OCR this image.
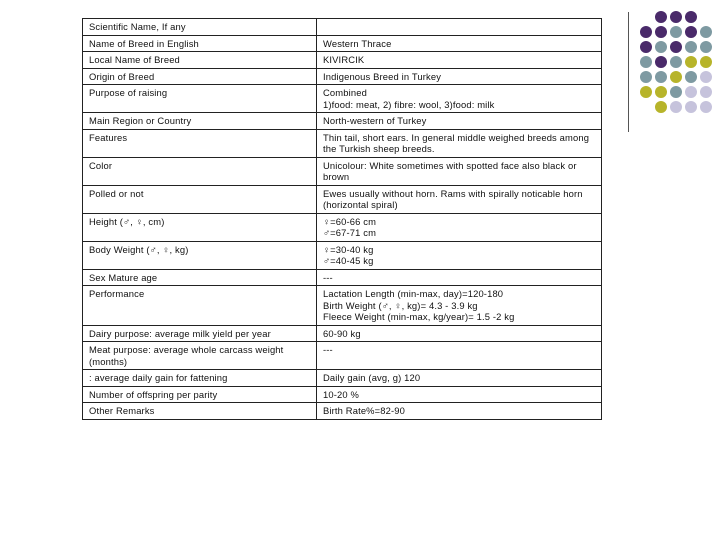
Scientific Name, If any	
Name of Breed in English	Western Thrace
Local Name of Breed	KIVIRCIK
Origin of Breed	Indigenous Breed in Turkey
Purpose of raising	Combined
1)food: meat, 2) fibre: wool, 3)food: milk
Main Region or Country	North-western of Turkey
Features	Thin tail, short ears. In general middle weighed breeds among the Turkish sheep breeds.
Color	Unicolour: White sometimes with spotted face also black or brown
Polled or not	Ewes usually without horn. Rams with spirally noticable horn (horizontal spiral)
Height (♂, ♀, cm)	♀=60-66 cm
♂=67-71 cm
Body Weight (♂, ♀, kg)	♀=30-40 kg
♂=40-45 kg
Sex Mature age	---
Performance	Lactation Length (min-max, day)=120-180
Birth Weight (♂, ♀, kg)= 4.3 - 3.9 kg
Fleece Weight (min-max, kg/year)= 1.5 -2 kg
Dairy purpose: average milk yield per year	60-90 kg
Meat purpose: average whole carcass weight (months)	---
: average daily gain for fattening	Daily gain (avg, g) 120
Number of offspring per parity	10-20 %
Other Remarks	Birth Rate%=82-90
